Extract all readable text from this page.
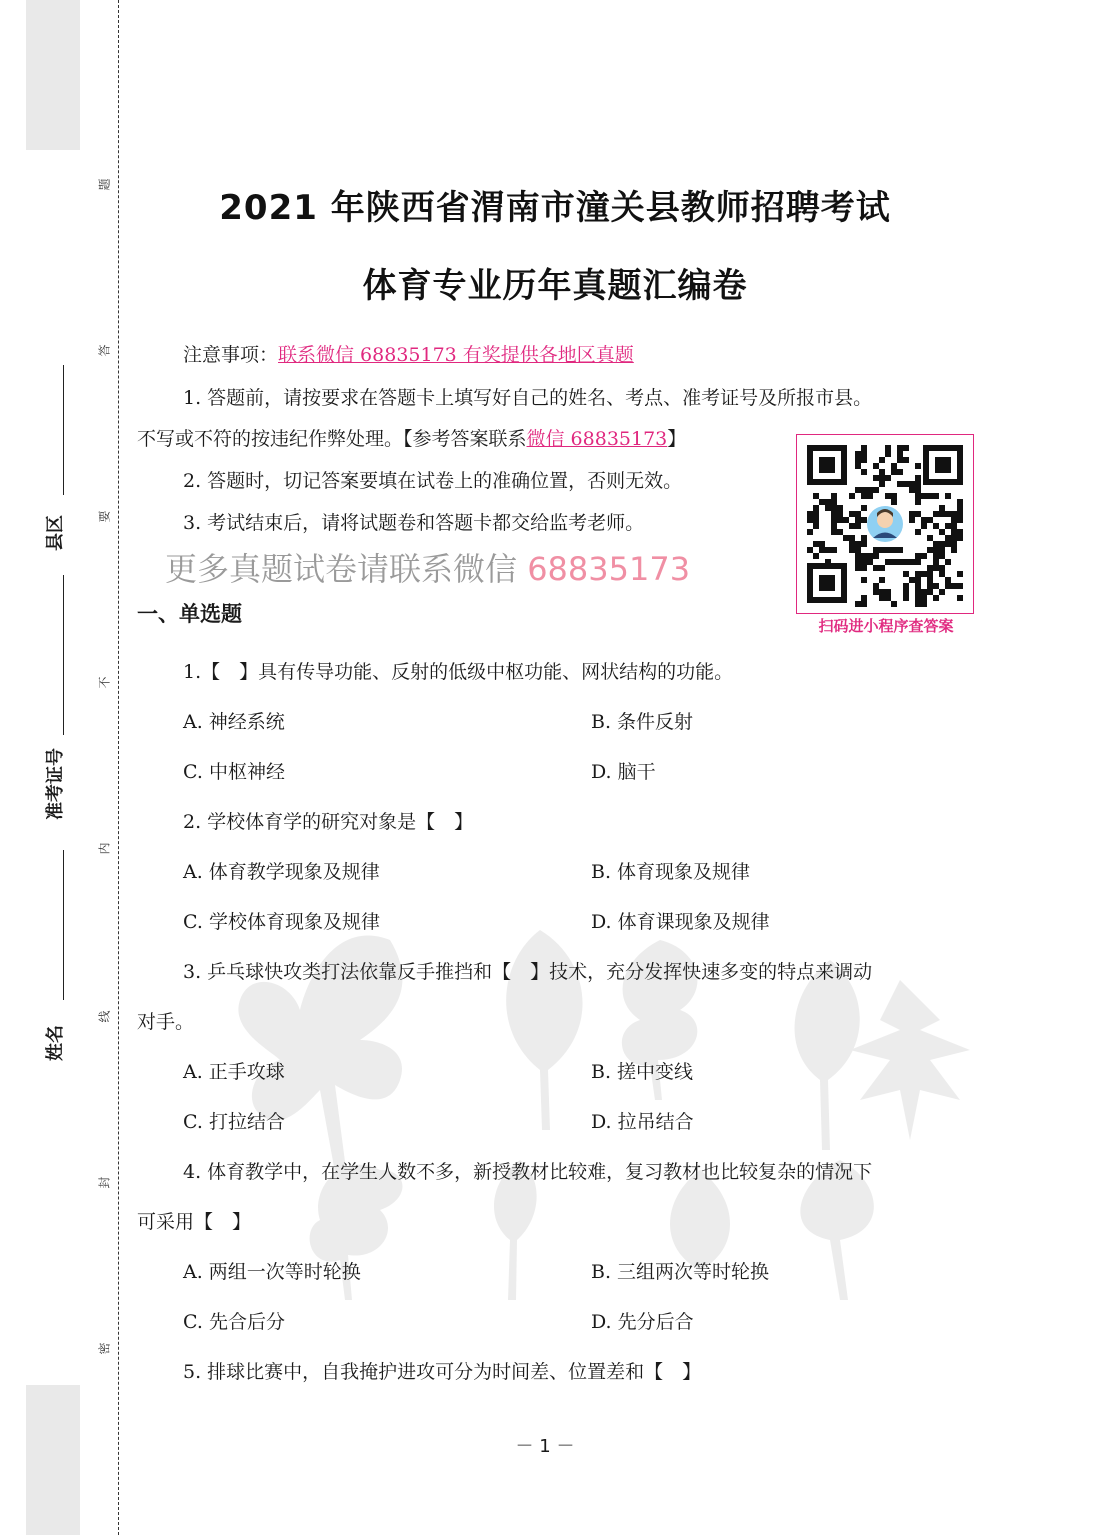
题
答
要
不
内
线
封
密
县区
准考证号
姓名
2021 年陕西省渭南市潼关县教师招聘考试
体育专业历年真题汇编卷
注意事项：联系微信 68835173 有奖提供各地区真题
1. 答题前，请按要求在答题卡上填写好自己的姓名、考点、准考证号及所报市县。
不写或不符的按违纪作弊处理。【参考答案联系微信 68835173】
2. 答题时，切记答案要填在试卷上的准确位置，否则无效。
3. 考试结束后，请将试题卷和答题卡都交给监考老师。
更多真题试卷请联系微信 68835173
扫码进小程序查答案
一、单选题
1.【　】具有传导功能、反射的低级中枢功能、网状结构的功能。
A. 神经系统	B. 条件反射
C. 中枢神经	D. 脑干
2. 学校体育学的研究对象是【　】
A. 体育教学现象及规律	B. 体育现象及规律
C. 学校体育现象及规律	D. 体育课现象及规律
3. 乒乓球快攻类打法依靠反手推挡和【　】技术，充分发挥快速多变的特点来调动
对手。
A. 正手攻球	B. 搓中变线
C. 打拉结合	D. 拉吊结合
4. 体育教学中，在学生人数不多，新授教材比较难，复习教材也比较复杂的情况下
可采用【　】
A. 两组一次等时轮换	B. 三组两次等时轮换
C. 先合后分	D. 先分后合
5. 排球比赛中，自我掩护进攻可分为时间差、位置差和【　】
－ 1 －
